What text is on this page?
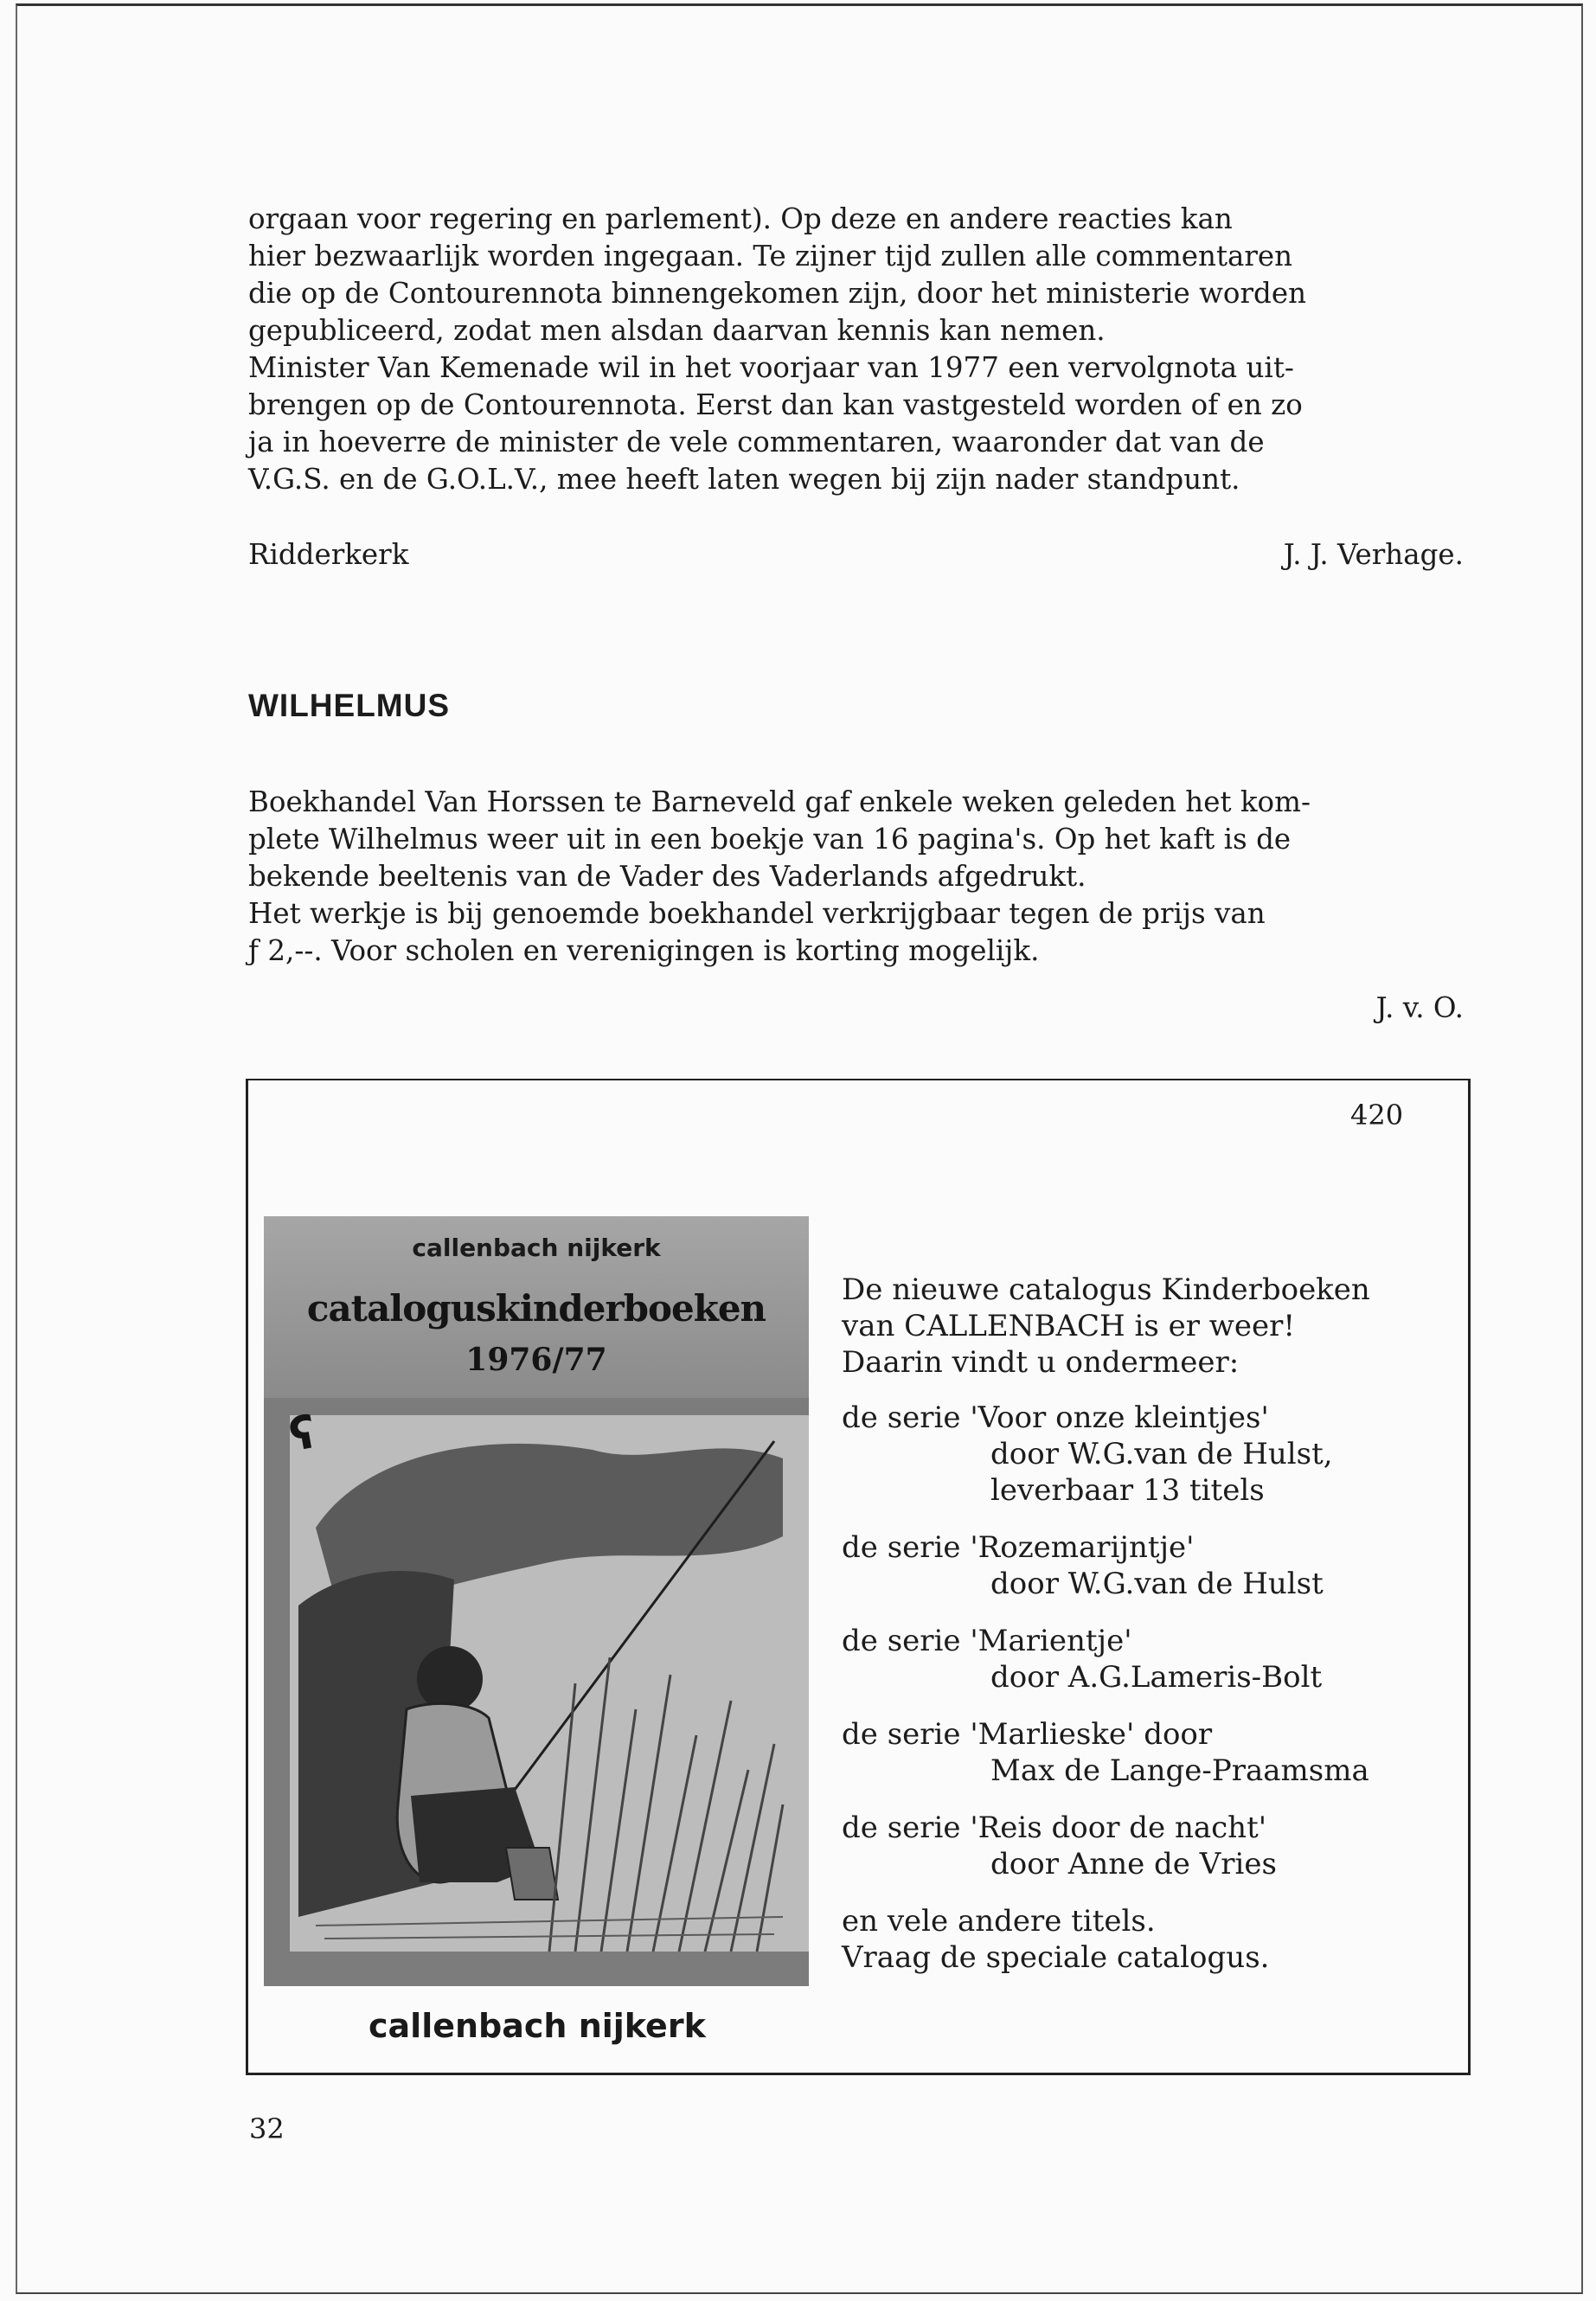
orgaan voor regering en parlement). Op deze en andere reacties kan

hier bezwaarlijk worden ingegaan. Te zijner tijd zullen alle commentaren

die op de Contourennota binnengekomen zijn, door het ministerie worden

gepubliceerd, zodat men alsdan daarvan kennis kan nemen.

Minister Van Kemenade wil in het voorjaar van 1977 een vervolgnota uit-

brengen op de Contourennota. Eerst dan kan vastgesteld worden of en zo

ja in hoeverre de minister de vele commentaren, waaronder dat van de

V.G.S. en de G.O.L.V., mee heeft laten wegen bij zijn nader standpunt.

Ridderkerk	J. J. Verhage.
WILHELMUS

Boekhandel Van Horssen te Barneveld gaf enkele weken geleden het kom-

plete Wilhelmus weer uit in een boekje van 16 pagina's. Op het kaft is de

bekende beeltenis van de Vader des Vaderlands afgedrukt.

Het werkje is bij genoemde boekhandel verkrijgbaar tegen de prijs van

ƒ 2,--. Voor scholen en verenigingen is korting mogelijk.

J. v. O.
420
callenbach nijkerk
cataloguskinderboeken
1976/77
ʕ
callenbach nijkerk

De nieuwe catalogus Kinderboeken

van CALLENBACH is er weer!

Daarin vindt u ondermeer:

de serie 'Voor onze kleintjes'

door W.G.van de Hulst,

leverbaar 13 titels

de serie 'Rozemarijntje'

door W.G.van de Hulst

de serie 'Marientje'

door A.G.Lameris-Bolt

de serie 'Marlieske' door

Max de Lange-Praamsma

de serie 'Reis door de nacht'

door Anne de Vries

en vele andere titels.

Vraag de speciale catalogus.

32
